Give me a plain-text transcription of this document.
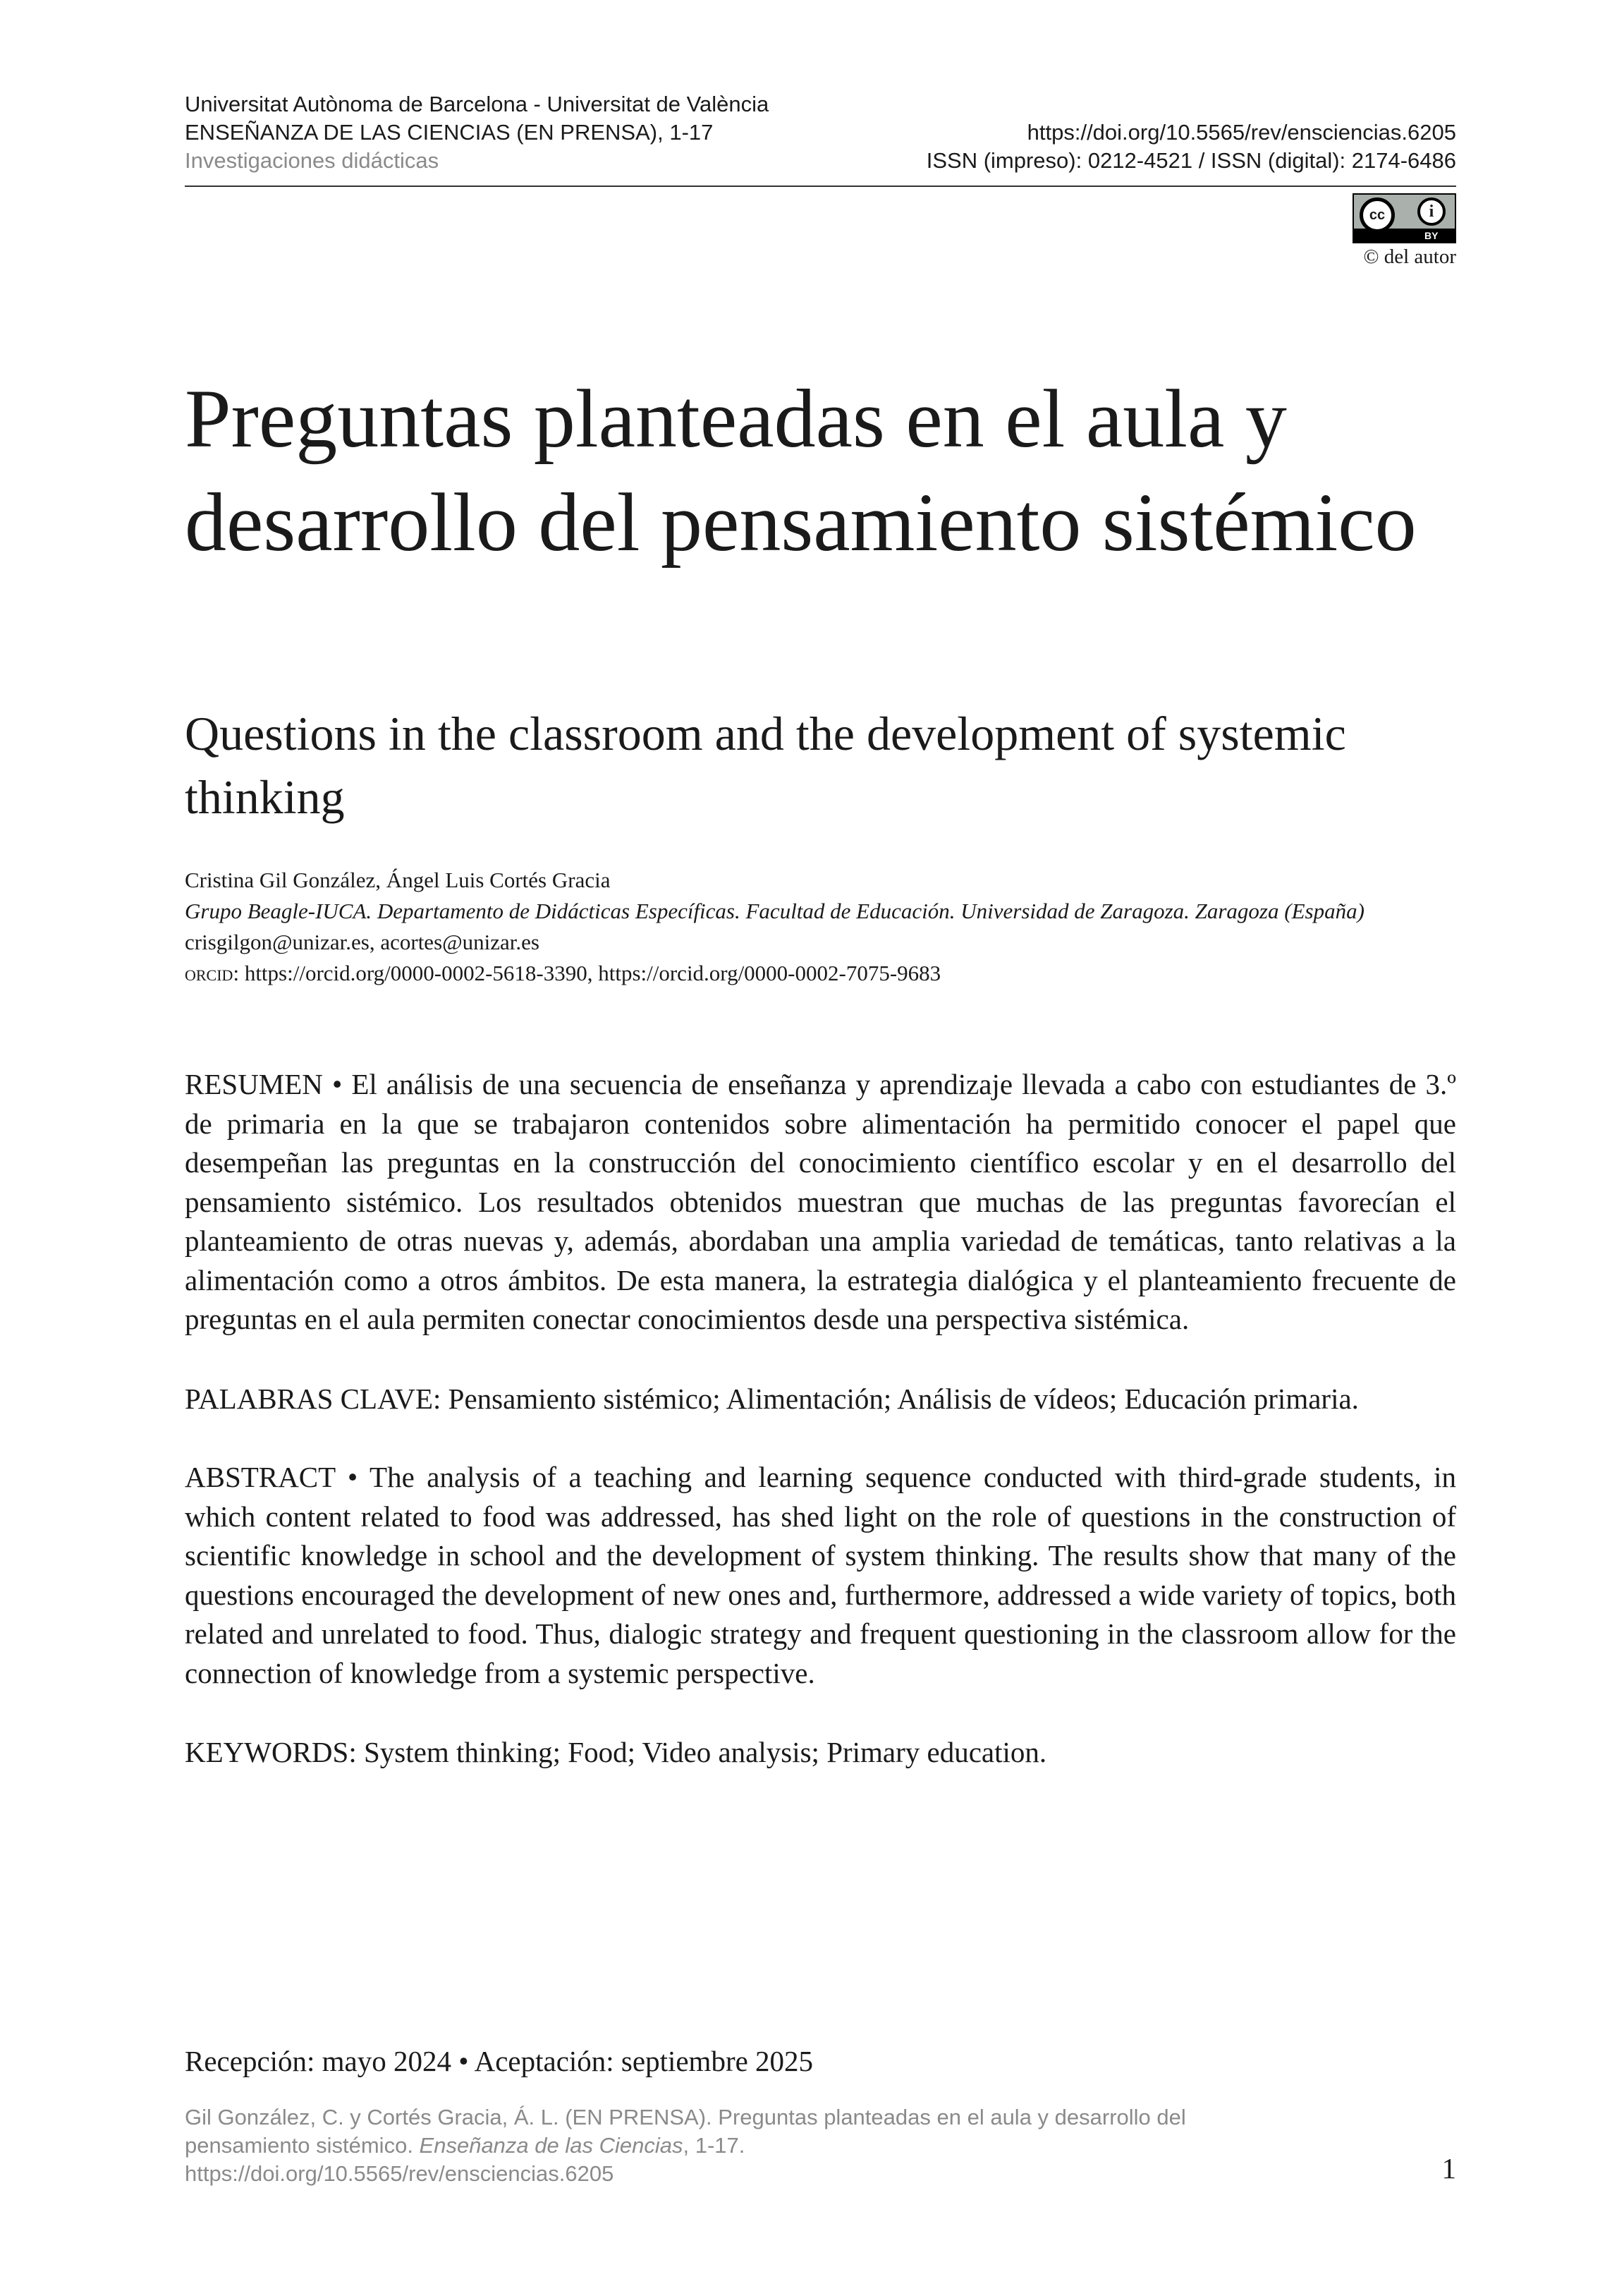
Universitat Autònoma de Barcelona - Universitat de València
ENSEÑANZA DE LAS CIENCIAS (EN PRENSA), 1-17
Investigaciones didácticas
https://doi.org/10.5565/rev/ensciencias.6205
ISSN (impreso): 0212-4521 / ISSN (digital): 2174-6486
cc	i
BY
© del autor
Preguntas planteadas en el aula y desarrollo del pensamiento sistémico
Questions in the classroom and the development of systemic thinking
Cristina Gil González, Ángel Luis Cortés Gracia
Grupo Beagle-IUCA. Departamento de Didácticas Específicas. Facultad de Educación. Universidad de Zaragoza. Zaragoza (España)
crisgilgon@unizar.es, acortes@unizar.es
orcid: https://orcid.org/0000-0002-5618-3390, https://orcid.org/0000-0002-7075-9683
RESUMEN • El análisis de una secuencia de enseñanza y aprendizaje llevada a cabo con estudiantes de 3.º de primaria en la que se trabajaron contenidos sobre alimentación ha permitido conocer el papel que desempeñan las preguntas en la construcción del conocimiento científico escolar y en el desarrollo del pensamiento sistémico. Los resultados obtenidos muestran que muchas de las preguntas favorecían el planteamiento de otras nuevas y, además, abordaban una amplia variedad de temáticas, tanto relativas a la alimentación como a otros ámbitos. De esta manera, la estrategia dialógica y el planteamiento frecuente de preguntas en el aula permiten conectar conocimientos desde una perspectiva sistémica.
PALABRAS CLAVE: Pensamiento sistémico; Alimentación; Análisis de vídeos; Educación primaria.
ABSTRACT • The analysis of a teaching and learning sequence conducted with third-grade students, in which content related to food was addressed, has shed light on the role of questions in the construction of scientific knowledge in school and the development of system thinking. The results show that many of the questions encouraged the development of new ones and, furthermore, addressed a wide variety of topics, both related and unrelated to food. Thus, dialogic strategy and frequent questioning in the classroom allow for the connection of knowledge from a systemic perspective.
KEYWORDS: System thinking; Food; Video analysis; Primary education.
Recepción: mayo 2024 • Aceptación: septiembre 2025
Gil González, C. y Cortés Gracia, Á. L. (EN PRENSA). Preguntas planteadas en el aula y desarrollo del pensamiento sistémico. Enseñanza de las Ciencias, 1-17.
https://doi.org/10.5565/rev/ensciencias.6205	1
